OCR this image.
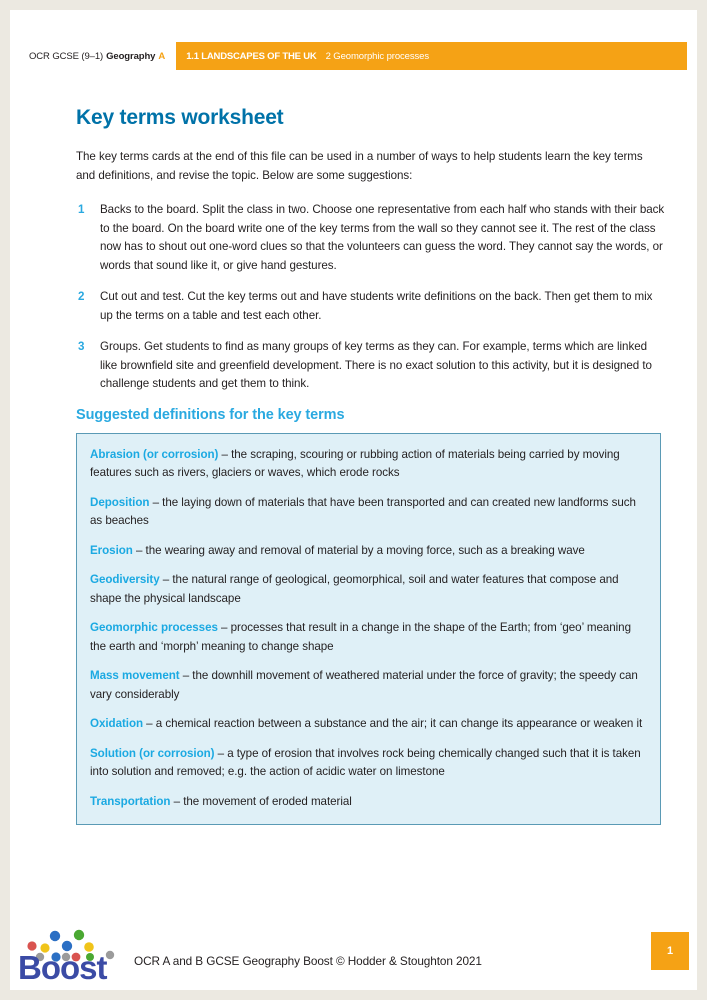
OCR GCSE (9–1) Geography A 1.1 LANDSCAPES OF THE UK 2 Geomorphic processes
Key terms worksheet

The key terms cards at the end of this file can be used in a number of ways to help students learn the key terms and definitions, and revise the topic. Below are some suggestions:

1 Backs to the board. Split the class in two. Choose one representative from each half who stands with their back to the board. On the board write one of the key terms from the wall so they cannot see it. The rest of the class now has to shout out one-word clues so that the volunteers can guess the word. They cannot say the words, or words that sound like it, or give hand gestures.
2 Cut out and test. Cut the key terms out and have students write definitions on the back. Then get them to mix up the terms on a table and test each other.
3 Groups. Get students to find as many groups of key terms as they can. For example, terms which are linked like brownfield site and greenfield development. There is no exact solution to this activity, but it is designed to challenge students and get them to think.
Suggested definitions for the key terms
Abrasion (or corrosion) – the scraping, scouring or rubbing action of materials being carried by moving features such as rivers, glaciers or waves, which erode rocks
Deposition – the laying down of materials that have been transported and can created new landforms such as beaches
Erosion – the wearing away and removal of material by a moving force, such as a breaking wave
Geodiversity – the natural range of geological, geomorphical, soil and water features that compose and shape the physical landscape
Geomorphic processes – processes that result in a change in the shape of the Earth; from ‘geo’ meaning the earth and ‘morph’ meaning to change shape
Mass movement – the downhill movement of weathered material under the force of gravity; the speedy can vary considerably
Oxidation – a chemical reaction between a substance and the air; it can change its appearance or weaken it
Solution (or corrosion) – a type of erosion that involves rock being chemically changed such that it is taken into solution and removed; e.g. the action of acidic water on limestone
Transportation – the movement of eroded material
Boost OCR A and B GCSE Geography Boost © Hodder & Stoughton 2021
1
